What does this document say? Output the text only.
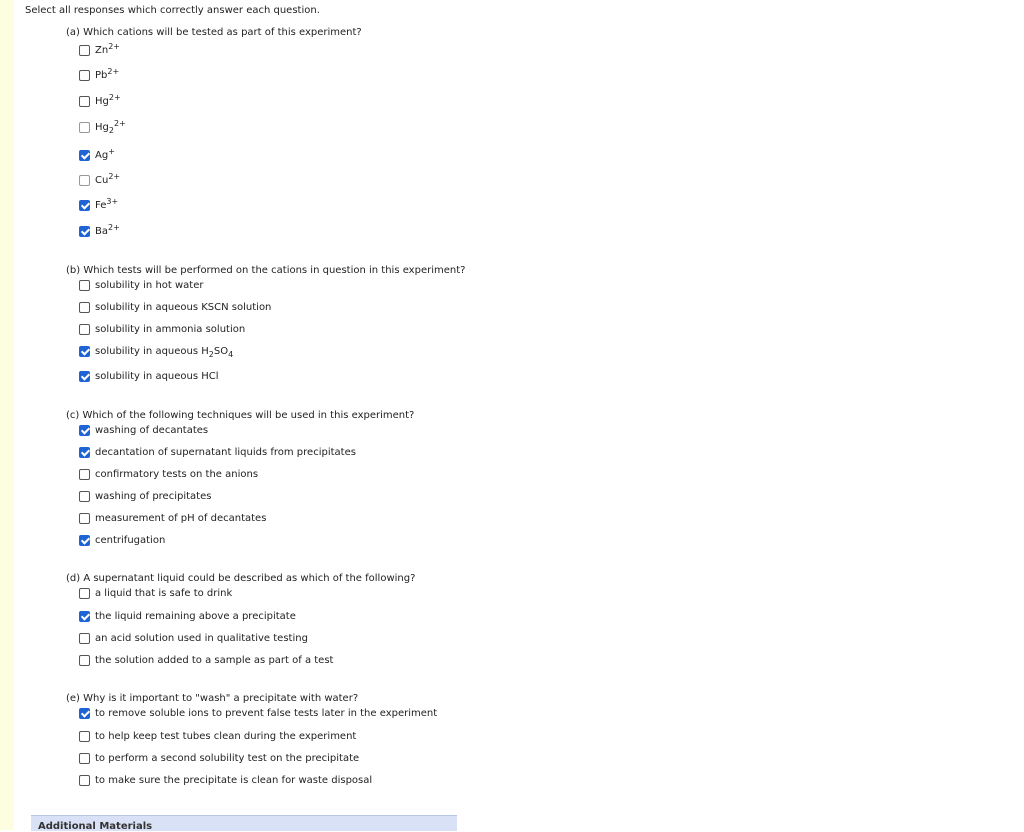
Select all responses which correctly answer each question.
(a) Which cations will be tested as part of this experiment?
$Zn^{2+}$
$Pb^{2+}$
$Hg^{2+}$
$Hg_2^{2+}$
Ag+
$Cu^{2+}$
$Fe^{3+}$
$Ba^{2+}$
(b) Which tests will be performed on the cations in question in this experiment?
solubility in hot water
solubility in aqueous KSCN solution
solubility in ammonia solution
solubility in aqueous $H_2SO_4$
solubility in aqueous HCl
(c) Which of the following techniques will be used in this experiment?
washing of decantates
decantation of supernatant liquids from precipitates
confirmatory tests on the anions
washing of precipitates
measurement of pH of decantates
centrifugation
(d) A supernatant liquid could be described as which of the following?
a liquid that is safe to drink
the liquid remaining above a precipitate
an acid solution used in qualitative testing
the solution added to a sample as part of a test
(e) Why is it important to "wash" a precipitate with water?
to remove soluble ions to prevent false tests later in the experiment
to help keep test tubes clean during the experiment
to perform a second solubility test on the precipitate
to make sure the precipitate is clean for waste disposal
Additional Materials
